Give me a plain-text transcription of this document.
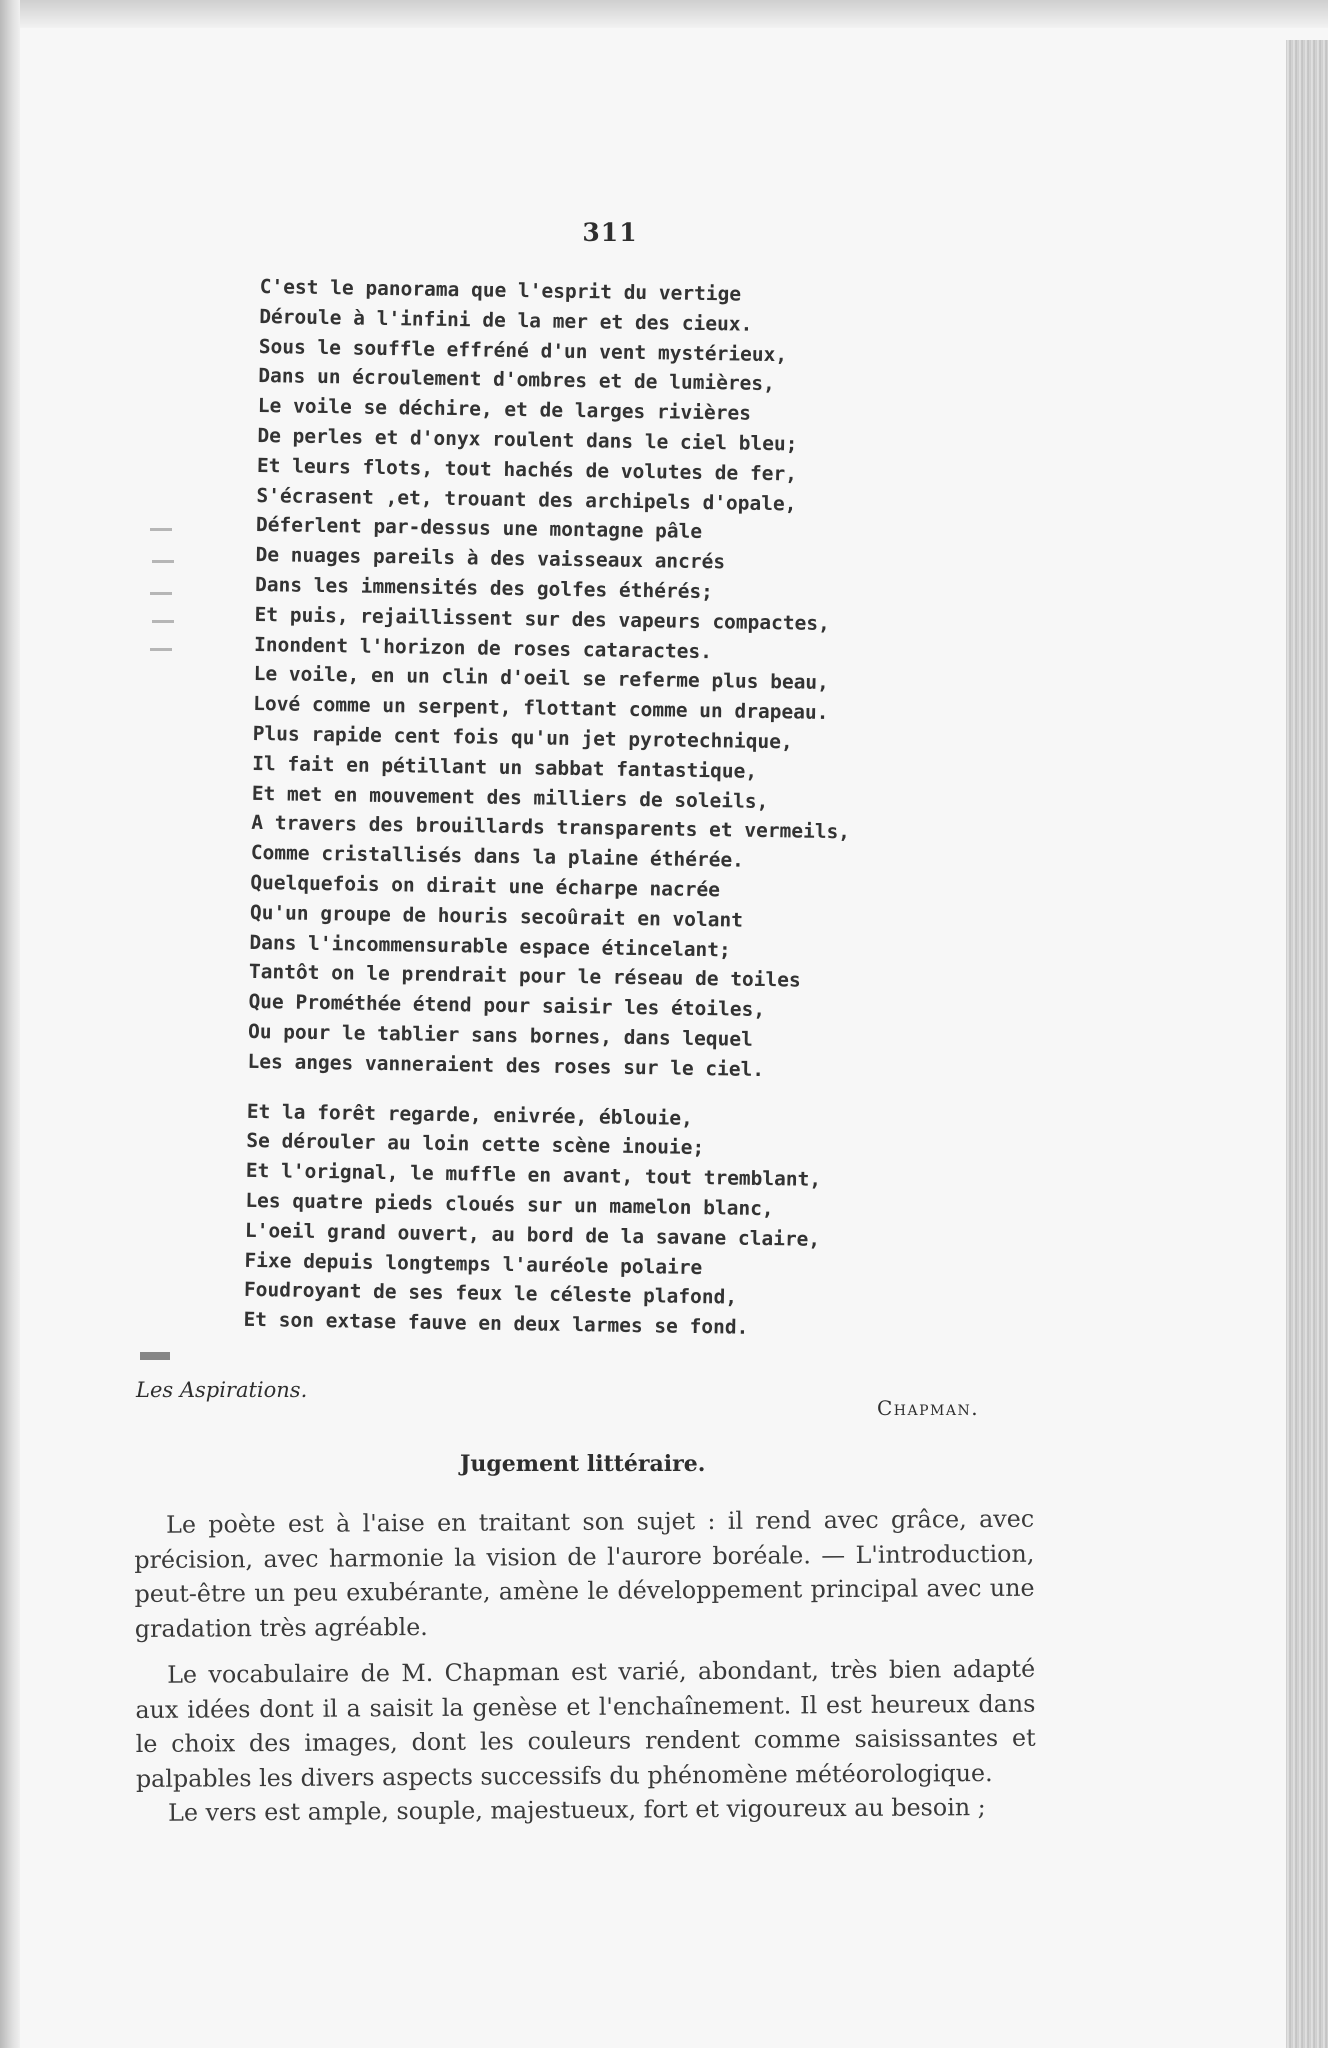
311
C'est le panorama que l'esprit du vertige
Déroule à l'infini de la mer et des cieux.
Sous le souffle effréné d'un vent mystérieux,
Dans un écroulement d'ombres et de lumières,
Le voile se déchire, et de larges rivières
De perles et d'onyx roulent dans le ciel bleu;
Et leurs flots, tout hachés de volutes de fer,
S'écrasent ,et, trouant des archipels d'opale,
Déferlent par-dessus une montagne pâle
De nuages pareils à des vaisseaux ancrés
Dans les immensités des golfes éthérés;
Et puis, rejaillissent sur des vapeurs compactes,
Inondent l'horizon de roses cataractes.
Le voile, en un clin d'oeil se referme plus beau,
Lové comme un serpent, flottant comme un drapeau.
Plus rapide cent fois qu'un jet pyrotechnique,
Il fait en pétillant un sabbat fantastique,
Et met en mouvement des milliers de soleils,
A travers des brouillards transparents et vermeils,
Comme cristallisés dans la plaine éthérée.
Quelquefois on dirait une écharpe nacrée
Qu'un groupe de houris secoûrait en volant
Dans l'incommensurable espace étincelant;
Tantôt on le prendrait pour le réseau de toiles
Que Prométhée étend pour saisir les étoiles,
Ou pour le tablier sans bornes, dans lequel
Les anges vanneraient des roses sur le ciel.
Et la forêt regarde, enivrée, éblouie,
Se dérouler au loin cette scène inouie;
Et l'orignal, le muffle en avant, tout tremblant,
Les quatre pieds cloués sur un mamelon blanc,
L'oeil grand ouvert, au bord de la savane claire,
Fixe depuis longtemps l'auréole polaire
Foudroyant de ses feux le céleste plafond,
Et son extase fauve en deux larmes se fond.
Les Aspirations.
Chapman.
Jugement littéraire.

Le poète est à l'aise en traitant son sujet : il rend avec grâce, avec précision, avec harmonie la vision de l'aurore boréale. — L'introduction, peut-être un peu exubérante, amène le développement principal avec une gradation très agréable.

Le vocabulaire de M. Chapman est varié, abondant, très bien adapté aux idées dont il a saisit la genèse et l'enchaînement. Il est heureux dans le choix des images, dont les couleurs rendent comme saisissantes et palpables les divers aspects successifs du phénomène météorologique.

Le vers est ample, souple, majestueux, fort et vigoureux au besoin ;
